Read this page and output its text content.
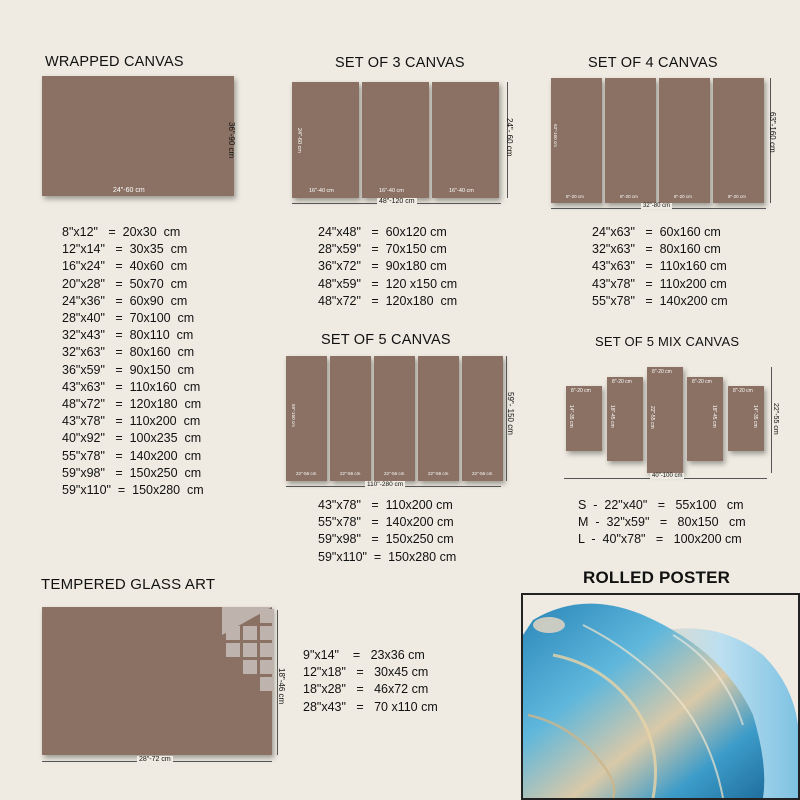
WRAPPED CANVAS
24"-60 cm
36"-90 cm
8"x12"   =  20x30  cm
12"x14"   =  30x35  cm
16"x24"   =  40x60  cm
20"x28"   =  50x70  cm
24"x36"   =  60x90  cm
28"x40"   =  70x100  cm
32"x43"   =  80x110  cm
32"x63"   =  80x160  cm
36"x59"   =  90x150  cm
43"x63"   =  110x160  cm
48"x72"   =  120x180  cm
43"x78"   =  110x200  cm
40"x92"   =  100x235  cm
55"x78"   =  140x200  cm
59"x98"   =  150x250  cm
59"x110"  =  150x280  cm
SET OF 3 CANVAS
16"-40 cm	16"-40 cm	16"-40 cm
24"-60 cm
48"-120 cm
24"- 60 cm
24"x48"   =  60x120 cm
28"x59"   =  70x150 cm
36"x72"   =  90x180 cm
48"x59"   =  120 x150 cm
48"x72"   =  120x180  cm
SET OF 4 CANVAS
8"-20 cm	8"-20 cm	8"-20 cm	8"-20 cm
63"-160 cm
32"-80 cm
63"-160 cm
24"x63"   =  60x160 cm
32"x63"   =  80x160 cm
43"x63"   =  110x160 cm
43"x78"   =  110x200 cm
55"x78"   =  140x200 cm
SET OF 5 CANVAS
22"-56 cm	22"-56 cm	22"-56 cm	22"-56 cm	22"-56 cm
59"-150 cm
110"-280 cm
59"- 150 cm
43"x78"   =  110x200 cm
55"x78"   =  140x200 cm
59"x98"   =  150x250 cm
59"x110"  =  150x280 cm
SET OF 5 MIX CANVAS
8"-20 cm
14"-35 cm
8"-20 cm
18"-45 cm
8"-20 cm
22"-55 cm
8"-20 cm
18"-45 cm
8"-20 cm
14"-35 cm
40"-100 cm
22"-55 cm
S  -  22"x40"   =   55x100   cm
M  -  32"x59"   =   80x150   cm
L  -  40"x78"   =   100x200 cm
TEMPERED GLASS ART
28"-72 cm
18"-46 cm
9"x14"    =   23x36 cm
12"x18"   =   30x45 cm
18"x28"   =   46x72 cm
28"x43"   =   70 x110 cm
ROLLED POSTER
